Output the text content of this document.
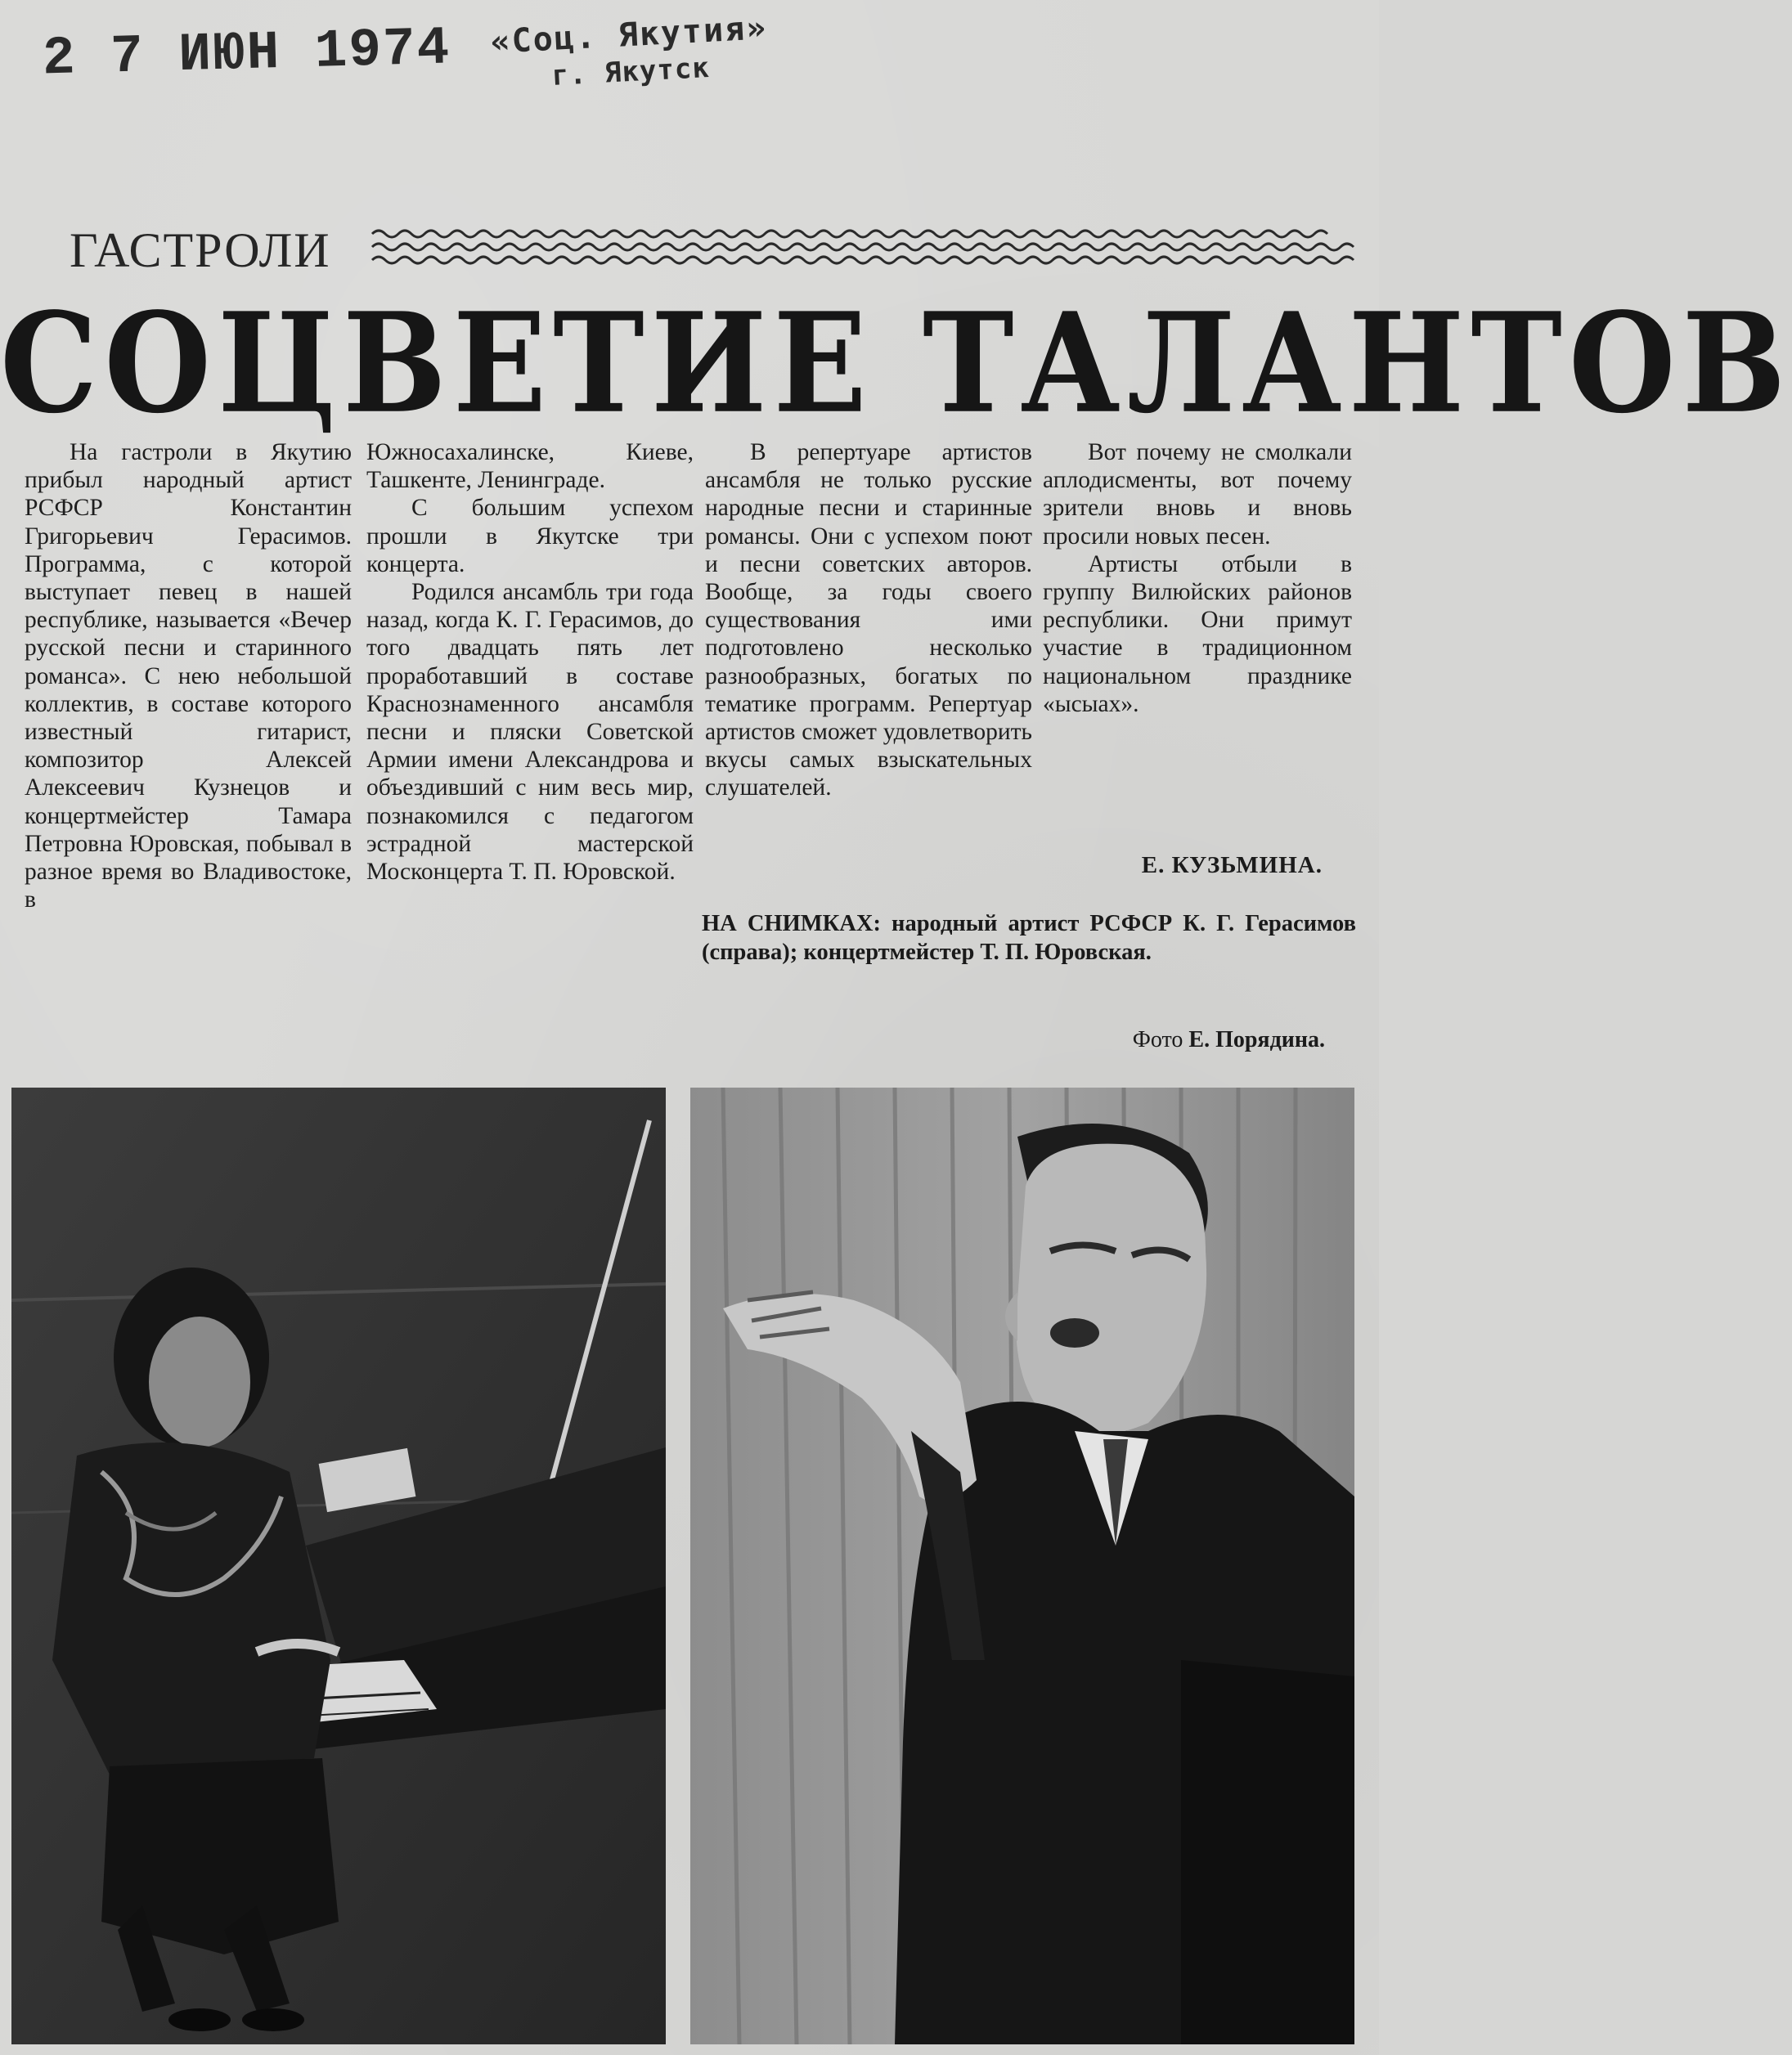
2 7 ИЮН 1974	«Соц. Якутия»
г. Якутск
ГАСТРОЛИ
СОЦВЕТИЕ ТАЛАНТОВ

На гастроли в Якутию прибыл народный артист РСФСР Константин Григорьевич Герасимов. Программа, с которой выступает певец в нашей республике, называется «Вечер русской песни и старинного романса». С нею небольшой коллектив, в составе которого известный гитарист, композитор Алексей Алексеевич Кузнецов и концертмейстер Тамара Петровна Юровская, побывал в разное время во Владивостоке, в

Южносахалинске, Киеве, Ташкенте, Ленинграде.

С большим успехом прошли в Якутске три концерта.

Родился ансамбль три года назад, когда К. Г. Герасимов, до того двадцать пять лет проработавший в составе Краснознаменного ансамбля песни и пляски Советской Армии имени Александрова и объездивший с ним весь мир, познакомился с педагогом эстрадной мастерской Москонцерта Т. П. Юровской.

В репертуаре артистов ансамбля не только русские народные песни и старинные романсы. Они с успехом поют и песни советских авторов. Вообще, за годы своего существования ими подготовлено несколько разнообразных, богатых по тематике программ. Репертуар артистов сможет удовлетворить вкусы самых взыскательных слушателей.

Вот почему не смолкали аплодисменты, вот почему зрители вновь и вновь просили новых песен.

Артисты отбыли в группу Вилюйских районов республики. Они примут участие в традиционном национальном празднике «ысыах».

Е. КУЗЬМИНА.
НА СНИМКАХ: народный артист РСФСР К. Г. Герасимов (справа); концертмейстер Т. П. Юровская.
Фото Е. Порядина.
